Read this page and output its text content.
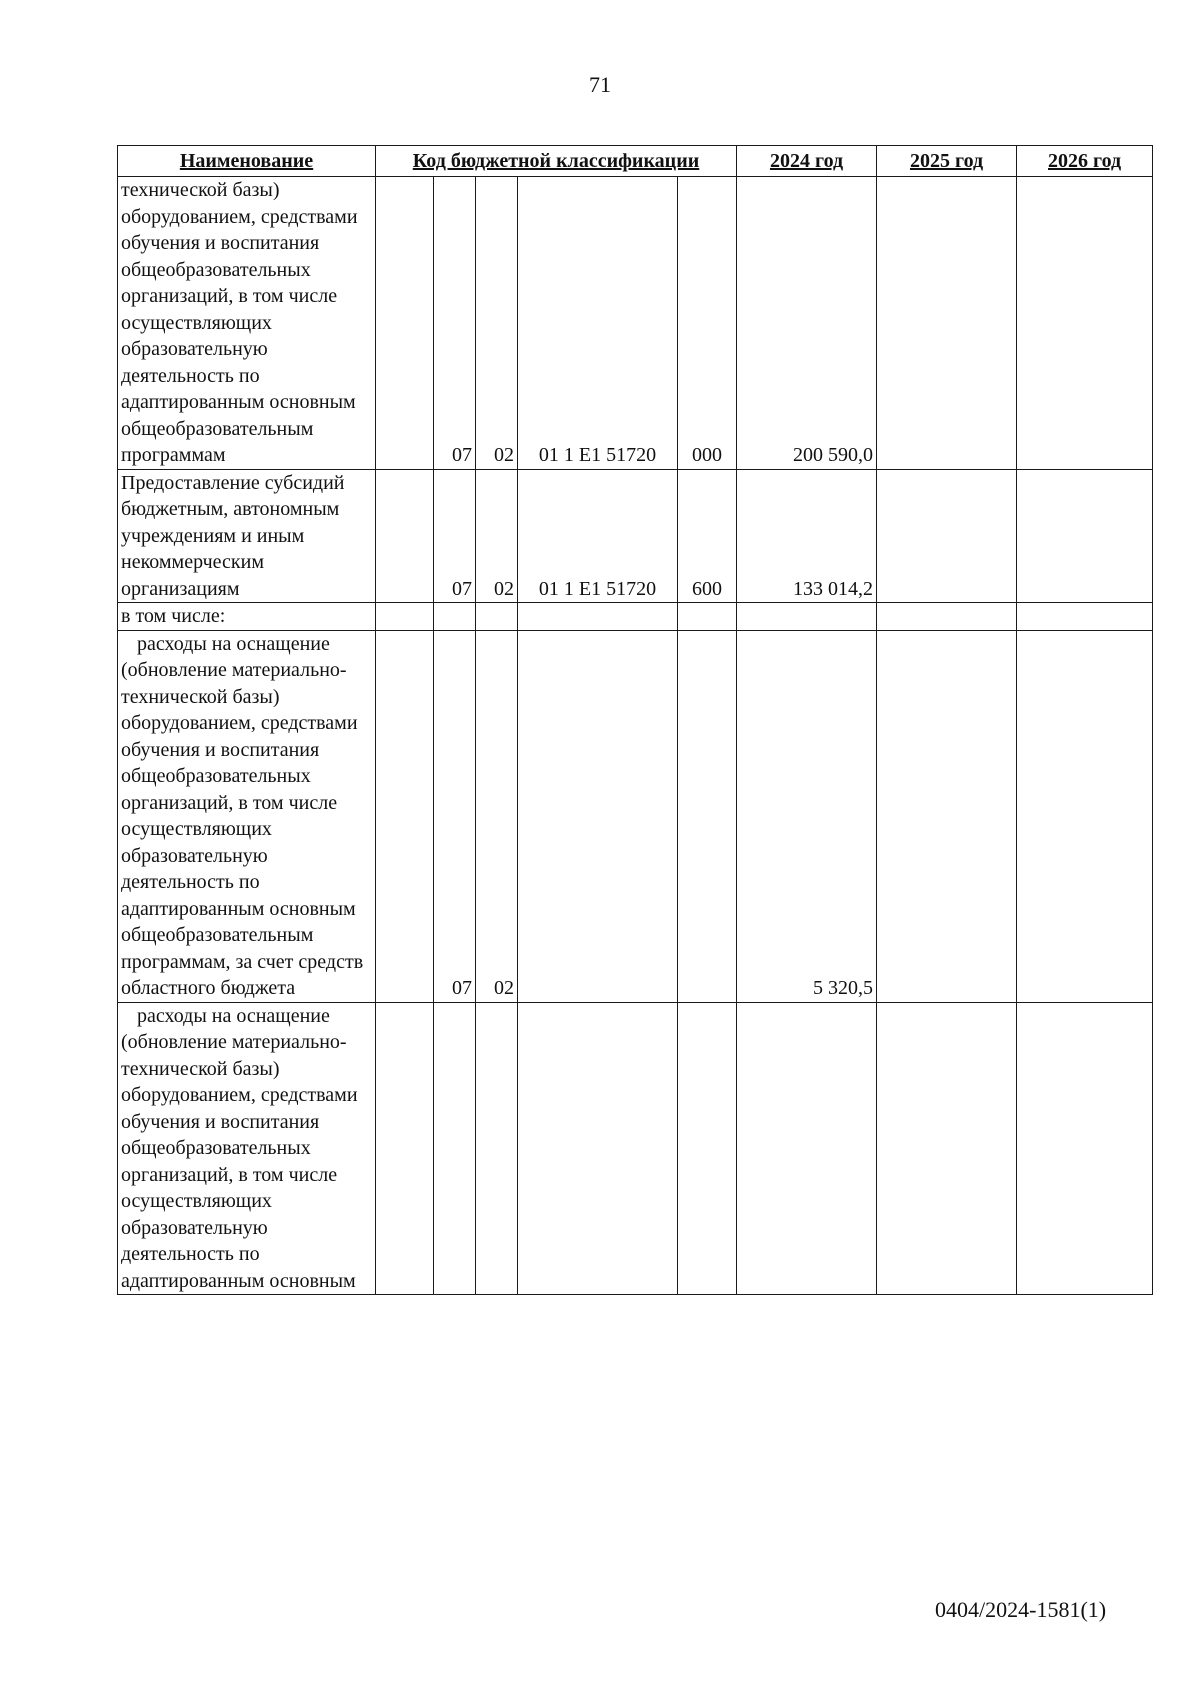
71
Наименование	Код бюджетной классификации					2024 год	2025 год	2026 год
технической базы) оборудованием, средствами обучения и воспитания общеобразовательных организаций, в том числе осуществляющих образовательную деятельность по адаптированным основным общеобразовательным программам		07	02	01 1 E1 51720	000	200 590,0		
Предоставление субсидий бюджетным, автономным учреждениям и иным некоммерческим организациям		07	02	01 1 E1 51720	600	133 014,2		
в том числе:								
расходы на оснащение (обновление материально-технической базы) оборудованием, средствами обучения и воспитания общеобразовательных организаций, в том числе осуществляющих образовательную деятельность по адаптированным основным общеобразовательным программам, за счет средств областного бюджета		07	02			5 320,5		
расходы на оснащение (обновление материально-технической базы) оборудованием, средствами обучения и воспитания общеобразовательных организаций, в том числе осуществляющих образовательную деятельность по адаптированным основным								
0404/2024-1581(1)
